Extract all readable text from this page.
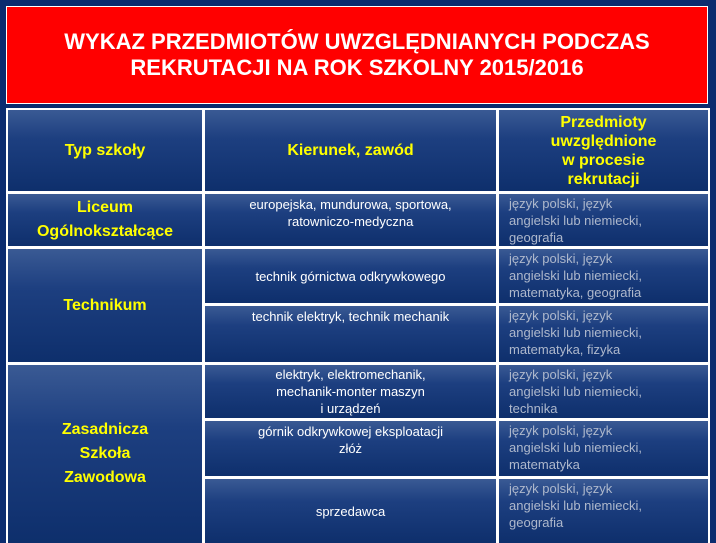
WYKAZ PRZEDMIOTÓW UWZGLĘDNIANYCH PODCZAS
REKRUTACJI NA ROK SZKOLNY 2015/2016
Typ szkoły	Kierunek, zawód
Przedmioty
uwzględnione
w procesie
rekrutacji
Liceum
Ogólnokształcące
europejska, mundurowa, sportowa,
ratowniczo-medyczna
język polski, język
angielski lub niemiecki,
geografia
Technikum
technik górnictwa odkrywkowego
język polski, język
angielski lub niemiecki,
matematyka, geografia
technik elektryk, technik mechanik	język polski, język
angielski lub niemiecki,
matematyka, fizyka
Zasadnicza
Szkoła
Zawodowa
elektryk, elektromechanik,
mechanik-monter maszyn
i urządzeń
język polski, język
angielski lub niemiecki,
technika
górnik odkrywkowej eksploatacji
złóż
język polski, język
angielski lub niemiecki,
matematyka
sprzedawca
język polski, język
angielski lub niemiecki,
geografia
